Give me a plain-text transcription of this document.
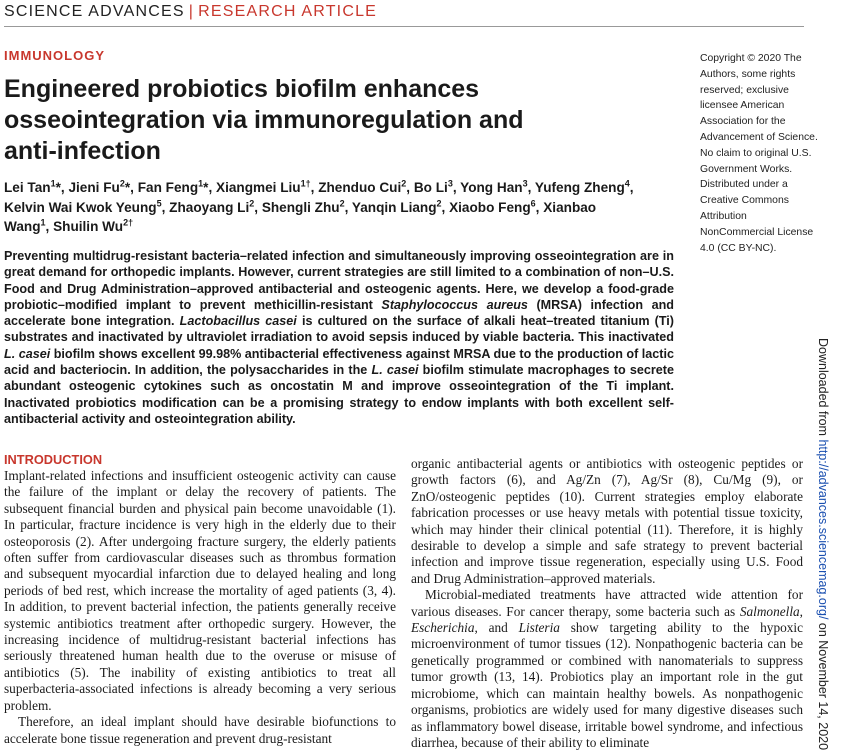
SCIENCE ADVANCES | RESEARCH ARTICLE
IMMUNOLOGY
Engineered probiotics biofilm enhances osseointegration via immunoregulation and anti-infection
Copyright © 2020 The Authors, some rights reserved; exclusive licensee American Association for the Advancement of Science. No claim to original U.S. Government Works. Distributed under a Creative Commons Attribution NonCommercial License 4.0 (CC BY-NC).
Lei Tan$^1$*, Jieni Fu$^2$*, Fan Feng$^1$*, Xiangmei Liu$^{1\dagger}$, Zhenduo Cui$^2$, Bo Li$^3$, Yong Han$^3$, Yufeng Zheng$^4$, Kelvin Wai Kwok Yeung$^5$, Zhaoyang Li$^2$, Shengli Zhu$^2$, Yanqin Liang$^2$, Xiaobo Feng$^6$, Xianbao Wang$^1$, Shuilin $Wu^{2\dagger}$

Preventing multidrug-resistant bacteria–related infection and simultaneously improving osseointegration are in great demand for orthopedic implants. However, current strategies are still limited to a combination of non–U.S. Food and Drug Administration–approved antibacterial and osteogenic agents. Here, we develop a food-grade probiotic–modified implant to prevent methicillin-resistant Staphylococcus aureus (MRSA) infection and accelerate bone integration. Lactobacillus casei is cultured on the surface of alkali heat–treated titanium (Ti) substrates and inactivated by ultraviolet irradiation to avoid sepsis induced by viable bacteria. This inactivated L. casei biofilm shows excellent 99.98% antibacterial effectiveness against MRSA due to the production of lactic acid and bacteriocin. In addition, the polysaccharides in the L. casei biofilm stimulate macrophages to secrete abundant osteogenic cytokines such as oncostatin M and improve osseointegration of the Ti implant. Inactivated probiotics modification can be a promising strategy to endow implants with both excellent self-antibacterial activity and osteointegration ability.

INTRODUCTION

Implant-related infections and insufficient osteogenic activity can cause the failure of the implant or delay the recovery of patients. The subsequent financial burden and physical pain become unavoidable (1). In particular, fracture incidence is very high in the elderly due to their osteoporosis (2). After undergoing fracture surgery, the elderly patients often suffer from cardiovascular diseases such as thrombus formation and subsequent myocardial infarction due to delayed healing and long periods of bed rest, which increase the mortality of aged patients (3, 4). In addition, to prevent bacterial infection, the patients generally receive systemic antibiotics treatment after orthopedic surgery. However, the increasing incidence of multidrug-resistant bacterial infections has seriously threatened human health due to the overuse or misuse of antibiotics (5). The inability of existing antibiotics to treat all superbacteria-associated infections is already becoming a very serious problem.

Therefore, an ideal implant should have desirable biofunctions to accelerate bone tissue regeneration and prevent drug-resistant

organic antibacterial agents or antibiotics with osteogenic peptides or growth factors (6), and Ag/Zn (7), Ag/Sr (8), Cu/Mg (9), or ZnO/osteogenic peptides (10). Current strategies employ elaborate fabrication processes or use heavy metals with potential tissue toxicity, which may hinder their clinical potential (11). Therefore, it is highly desirable to develop a simple and safe strategy to prevent bacterial infection and improve tissue regeneration, especially using U.S. Food and Drug Administration–approved materials.

Microbial-mediated treatments have attracted wide attention for various diseases. For cancer therapy, some bacteria such as Salmonella, Escherichia, and Listeria show targeting ability to the hypoxic microenvironment of tumor tissues (12). Nonpathogenic bacteria can be genetically programmed or combined with nanomaterials to suppress tumor growth (13, 14). Probiotics play an important role in the gut microbiome, which can maintain healthy bowels. As nonpathogenic organisms, probiotics are widely used for many digestive diseases such as inflammatory bowel disease, irritable bowel syndrome, and infectious diarrhea, because of their ability to eliminate

Downloaded from http://advances.sciencemag.org/ on November 14, 2020
